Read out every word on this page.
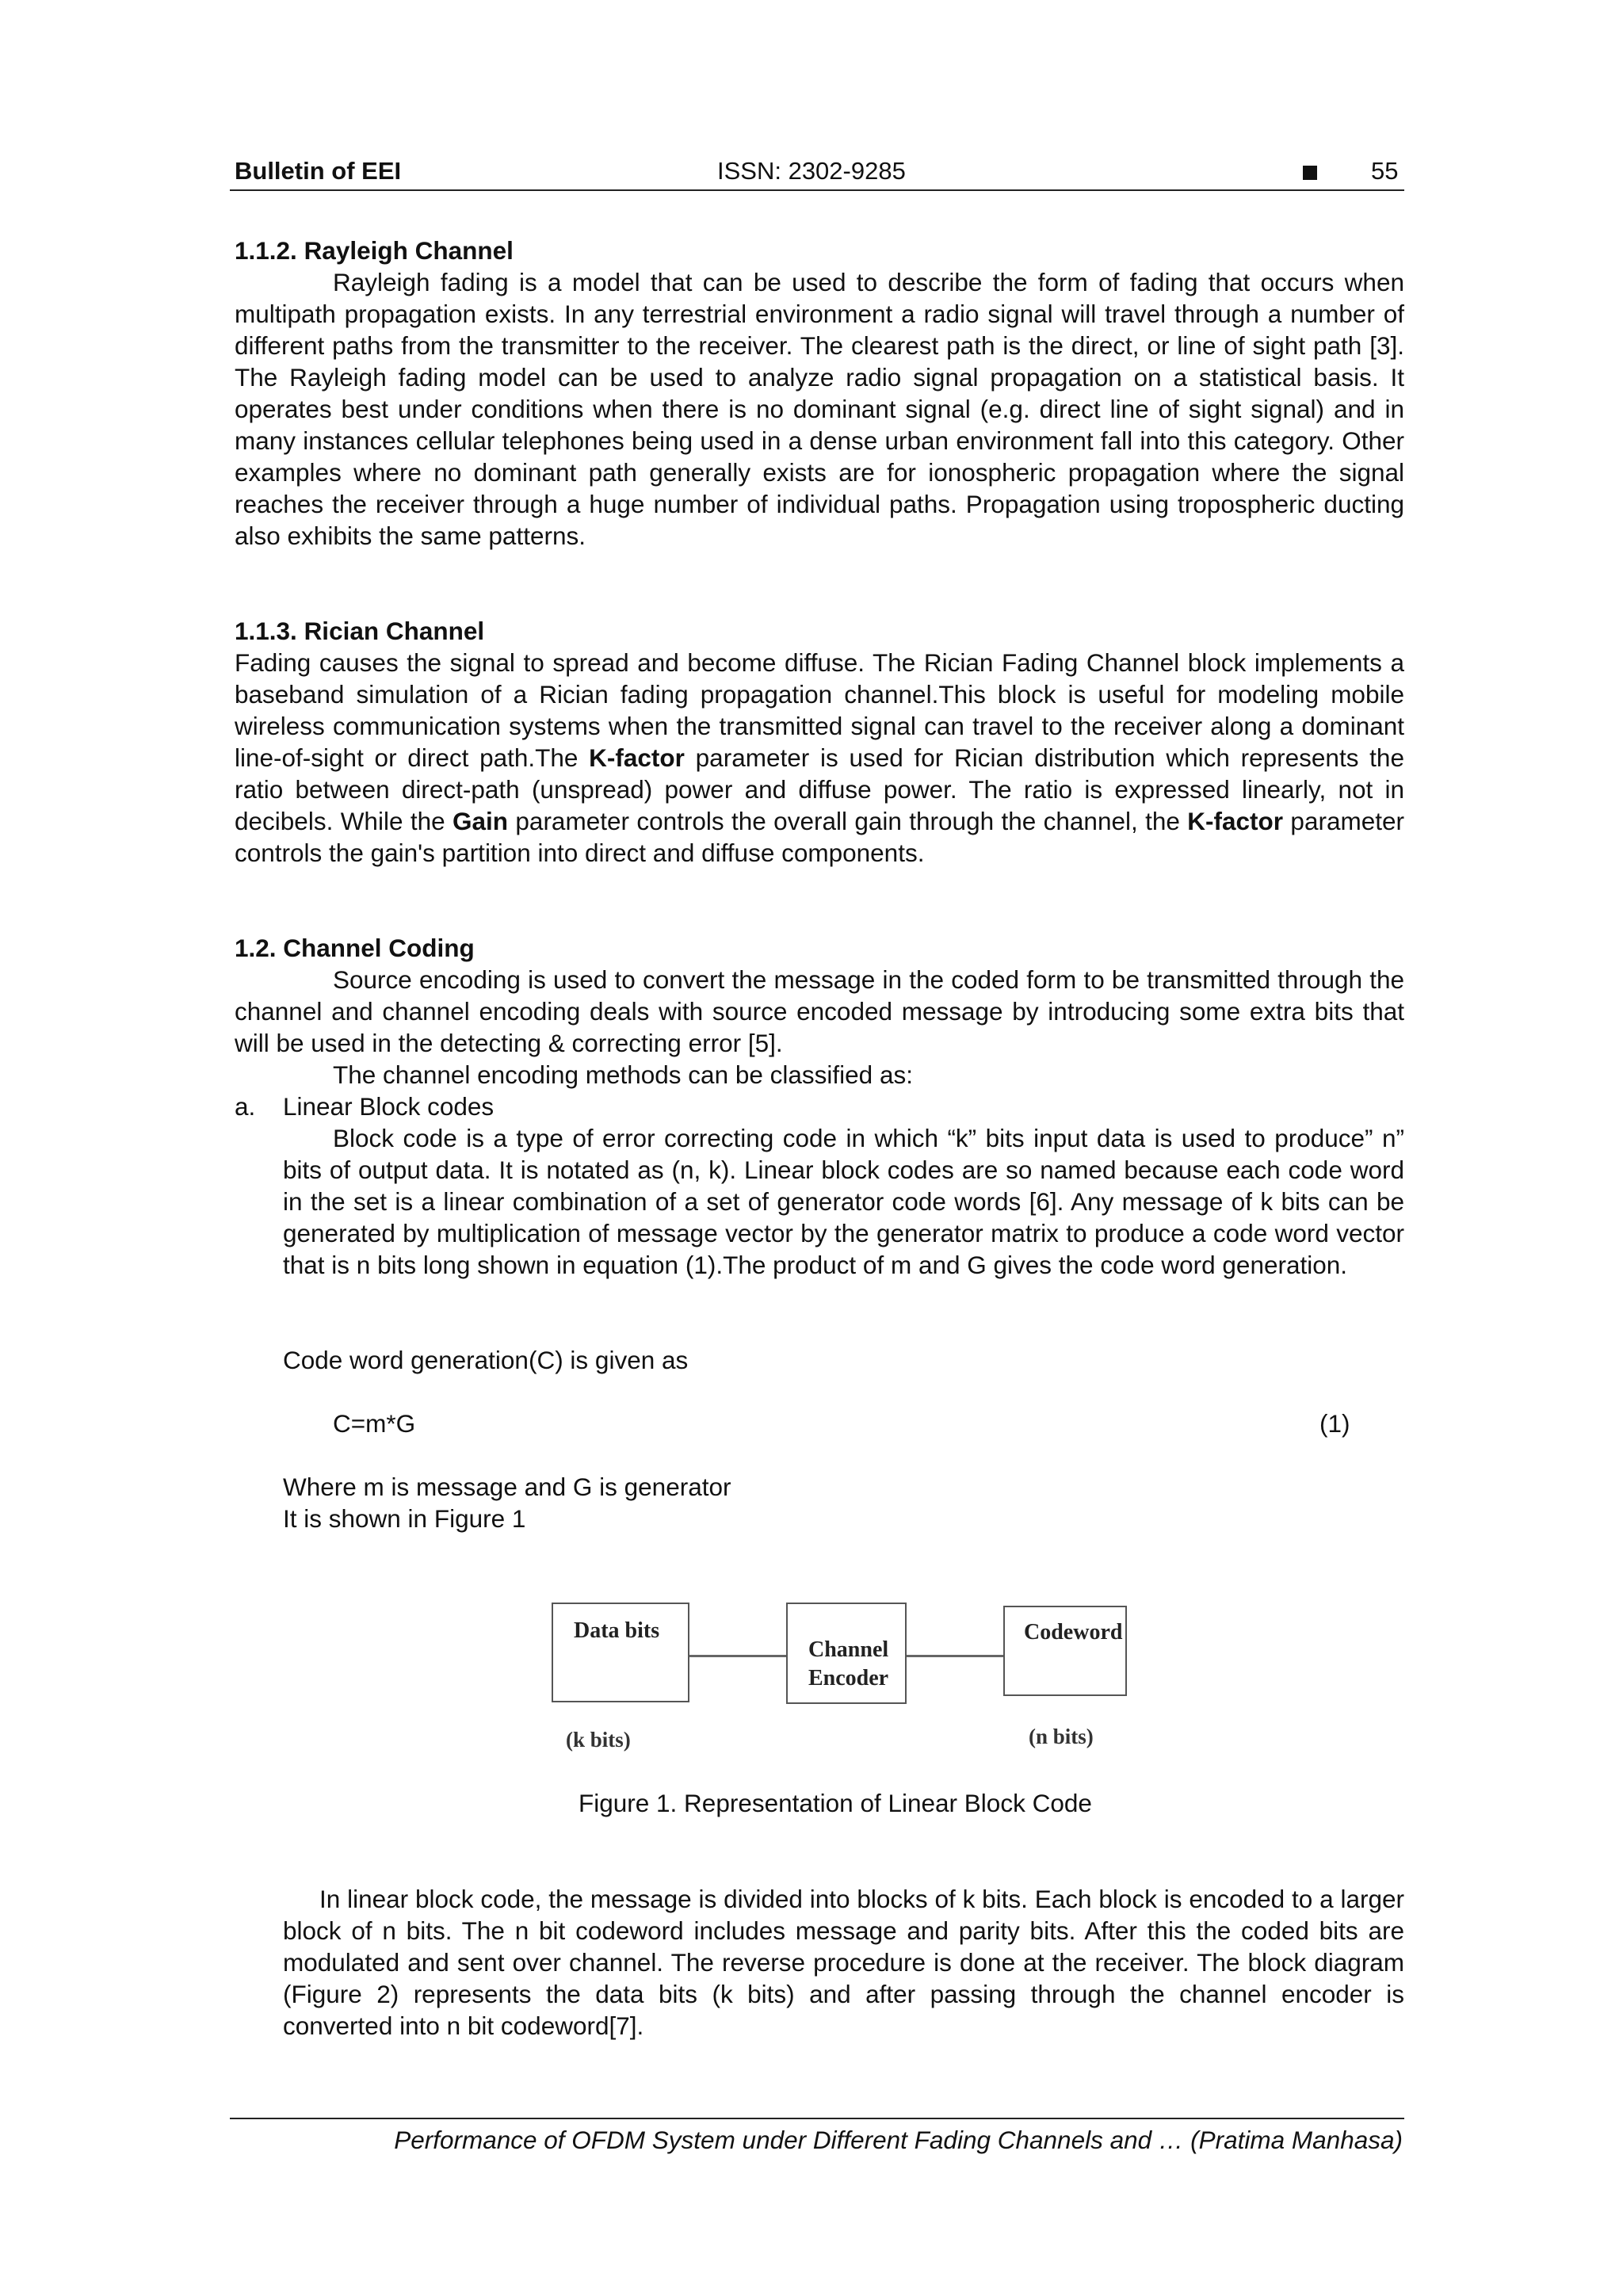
Bulletin of EEI	ISSN: 2302-9285	55
1.1.2. Rayleigh Channel
Rayleigh fading is a model that can be used to describe the form of fading that occurs when multipath propagation exists. In any terrestrial environment a radio signal will travel through a number of different paths from the transmitter to the receiver. The clearest path is the direct, or line of sight path [3]. The Rayleigh fading model can be used to analyze radio signal propagation on a statistical basis. It operates best under conditions when there is no dominant signal (e.g. direct line of sight signal) and in many instances cellular telephones being used in a dense urban environment fall into this category. Other examples where no dominant path generally exists are for ionospheric propagation where the signal reaches the receiver through a huge number of individual paths. Propagation using tropospheric ducting also exhibits the same patterns.
1.1.3. Rician Channel
Fading causes the signal to spread and become diffuse. The Rician Fading Channel block implements a baseband simulation of a Rician fading propagation channel.This block is useful for modeling mobile wireless communication systems when the transmitted signal can travel to the receiver along a dominant line-of-sight or direct path.The K-factor parameter is used for Rician distribution which represents the ratio between direct-path (unspread) power and diffuse power. The ratio is expressed linearly, not in decibels. While the Gain parameter controls the overall gain through the channel, the K-factor parameter controls the gain's partition into direct and diffuse components.
1.2. Channel Coding
Source encoding is used to convert the message in the coded form to be transmitted through the channel and channel encoding deals with source encoded message by introducing some extra bits that will be used in the detecting & correcting error [5].
The channel encoding methods can be classified as:
a. Linear Block codes
Block code is a type of error correcting code in which “k” bits input data is used to produce” n” bits of output data. It is notated as (n, k). Linear block codes are so named because each code word in the set is a linear combination of a set of generator code words [6]. Any message of k bits can be generated by multiplication of message vector by the generator matrix to produce a code word vector that is n bits long shown in equation (1).The product of m and G gives the code word generation.
Code word generation(C) is given as
C=m*G	(1)
Where m is message and G is generator
It is shown in Figure 1
Data bits
Channel
Encoder
Codeword
(k bits)	(n bits)
Figure 1. Representation of Linear Block Code
In linear block code, the message is divided into blocks of k bits. Each block is encoded to a larger block of n bits. The n bit codeword includes message and parity bits. After this the coded bits are modulated and sent over channel. The reverse procedure is done at the receiver. The block diagram (Figure 2) represents the data bits (k bits) and after passing through the channel encoder is converted into n bit codeword[7].
Performance of OFDM System under Different Fading Channels and … (Pratima Manhasa)
